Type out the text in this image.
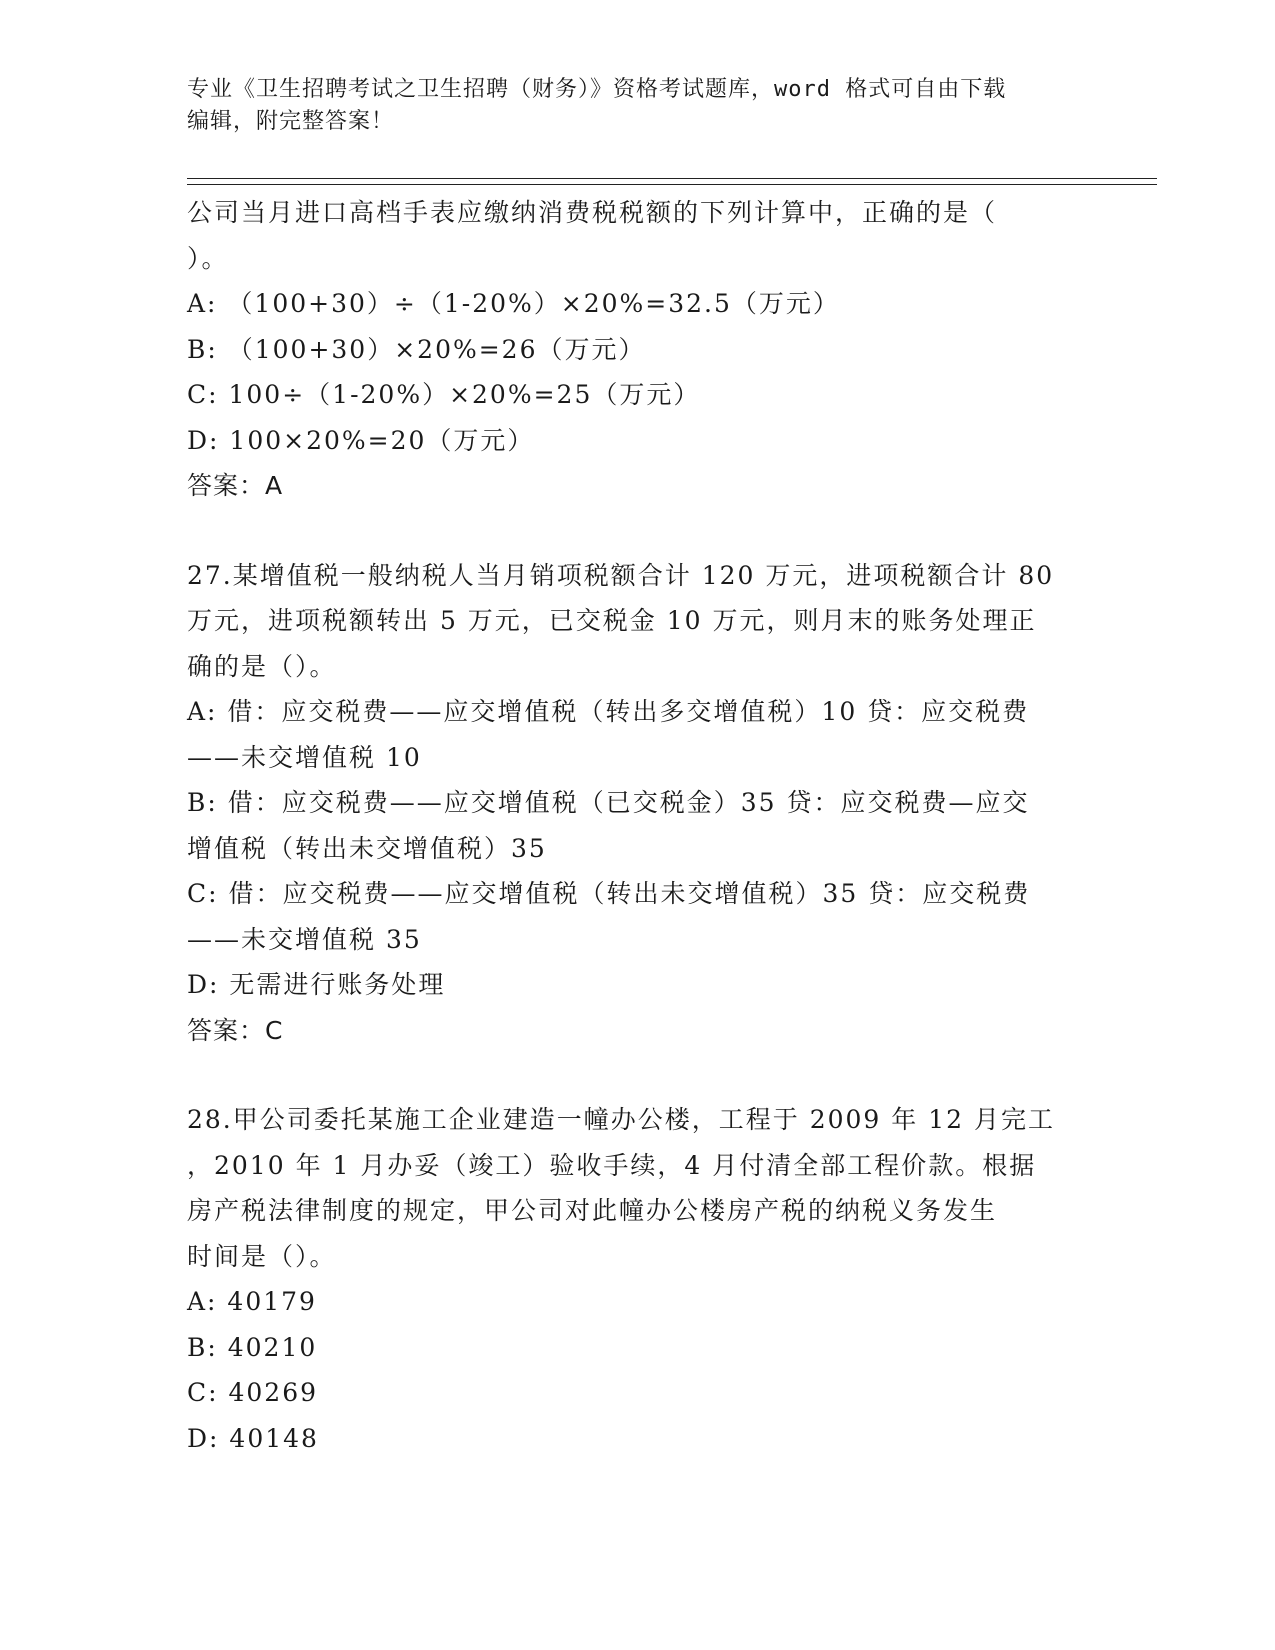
专业《卫生招聘考试之卫生招聘（财务）》资格考试题库，word 格式可自由下载

编辑，附完整答案！

公司当月进口高档手表应缴纳消费税税额的下列计算中，正确的是（

）。

A: （100+30）÷（1-20%）×20%=32.5（万元）

B: （100+30）×20%=26（万元）

C: 100÷（1-20%）×20%=25（万元）

D: 100×20%=20（万元）

答案：A

27.某增值税一般纳税人当月销项税额合计 120 万元，进项税额合计 80

万元，进项税额转出 5 万元，已交税金 10 万元，则月末的账务处理正

确的是（）。

A: 借：应交税费——应交增值税（转出多交增值税）10 贷：应交税费

——未交增值税 10

B: 借：应交税费——应交增值税（已交税金）35 贷：应交税费—应交

增值税（转出未交增值税）35

C: 借：应交税费——应交增值税（转出未交增值税）35 贷：应交税费

——未交增值税 35

D: 无需进行账务处理

答案：C

28.甲公司委托某施工企业建造一幢办公楼，工程于 2009 年 12 月完工

，2010 年 1 月办妥（竣工）验收手续，4 月付清全部工程价款。根据

房产税法律制度的规定，甲公司对此幢办公楼房产税的纳税义务发生

时间是（）。

A: 40179

B: 40210

C: 40269

D: 40148
